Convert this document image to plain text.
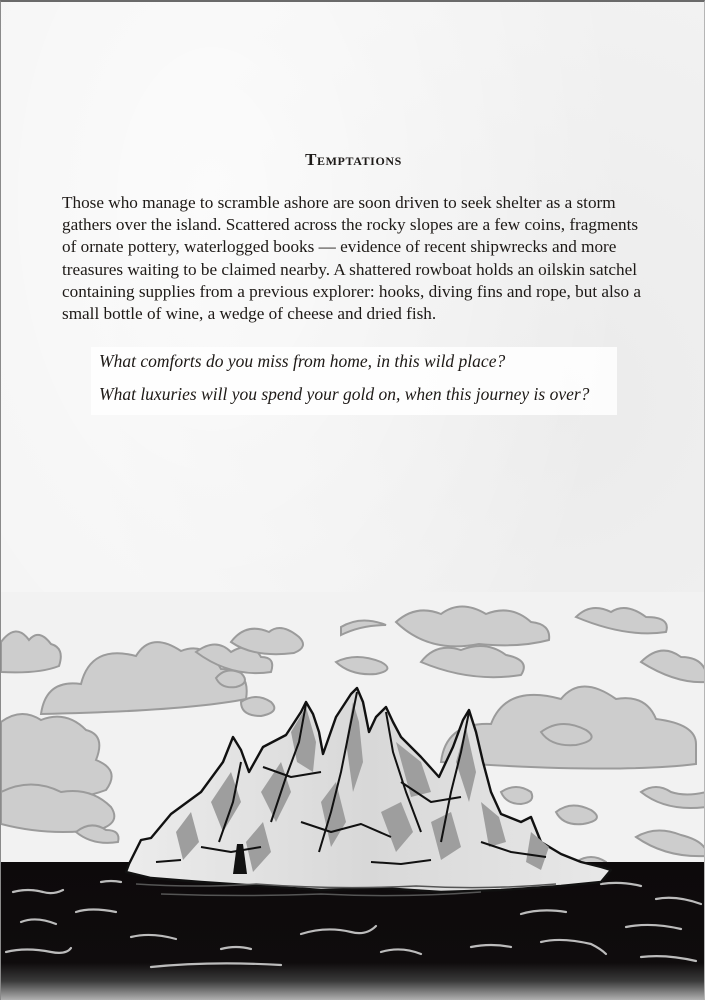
Temptations

Those who manage to scramble ashore are soon driven to seek shelter as a storm gathers over the island. Scattered across the rocky slopes are a few coins, fragments of ornate pottery, waterlogged books — evidence of recent shipwrecks and more treasures waiting to be claimed nearby. A shattered rowboat holds an oilskin satchel containing supplies from a previous explorer: hooks, diving fins and rope, but also a small bottle of wine, a wedge of cheese and dried fish.

What comforts do you miss from home, in this wild place?

What luxuries will you spend your gold on, when this journey is over?
